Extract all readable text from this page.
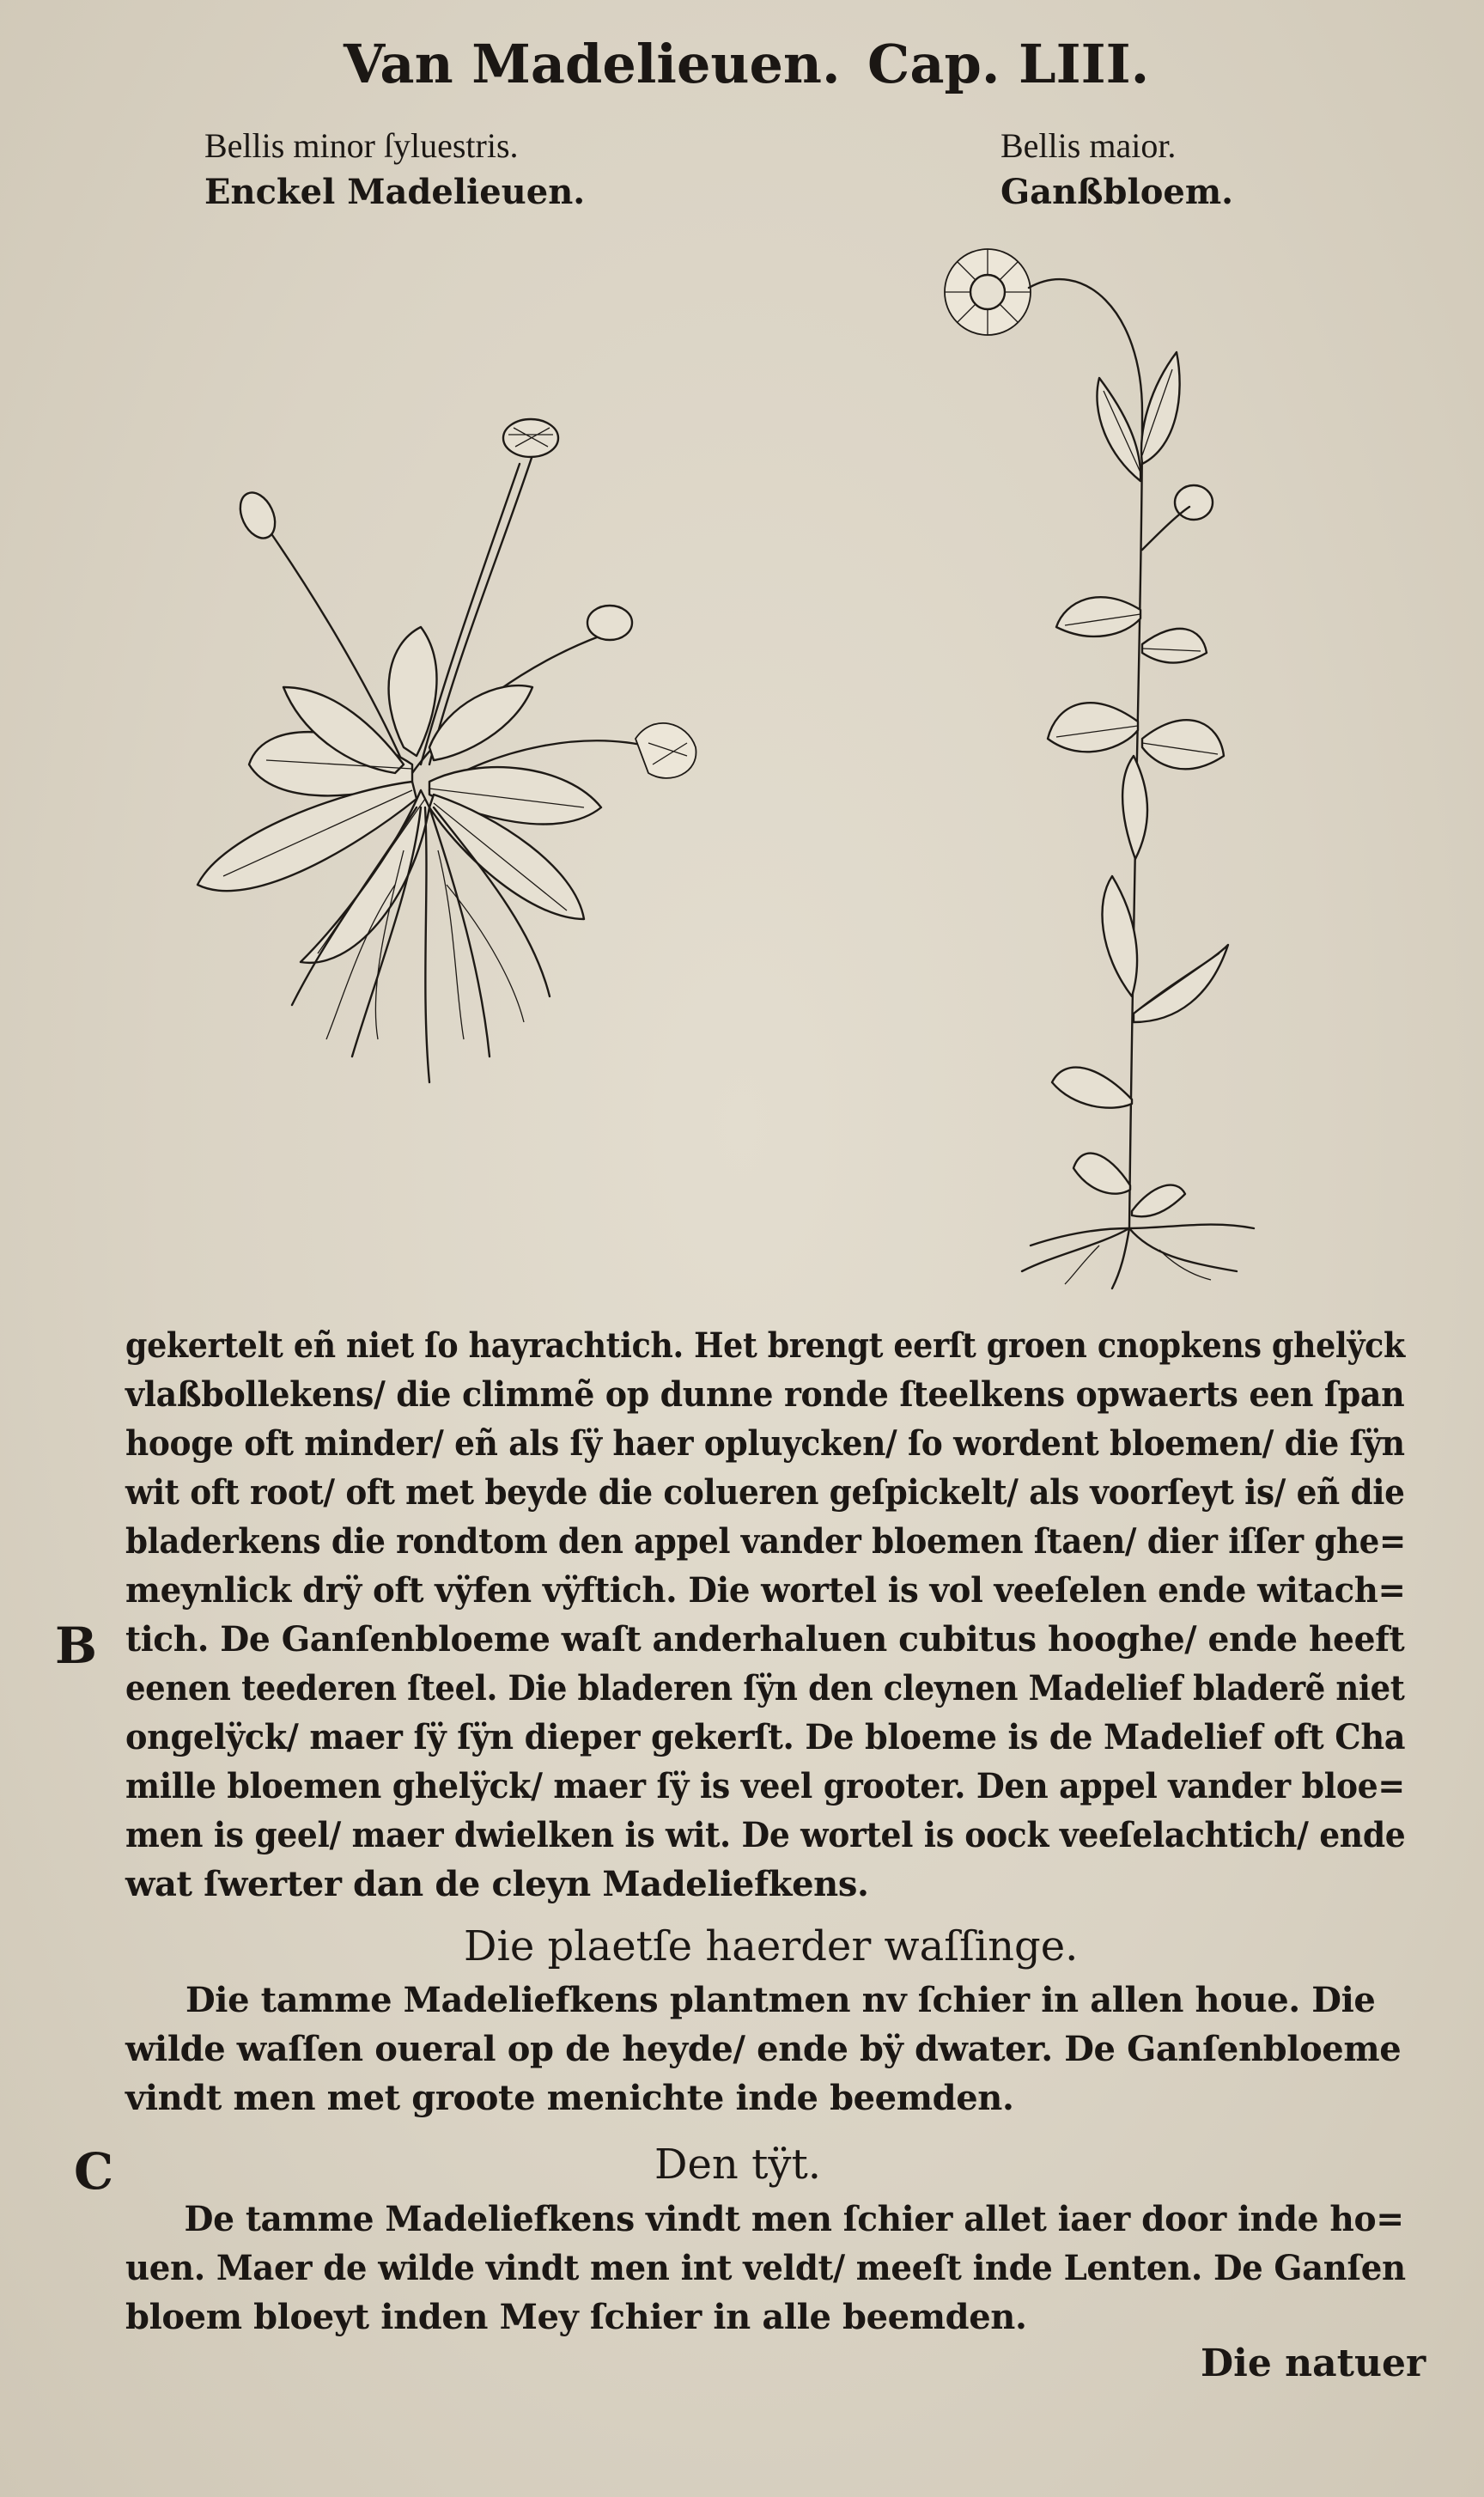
Van Madelieuen. Cap. LIII.
Bellis minor ſyluestris.
Enckel Madelieuen.
Bellis maior.
Ganßbloem.
B
C
gekertelt eñ niet ſo hayrachtich. Het brengt eerſt groen cnopkens ghelÿck
vlaßbollekens/ die climmẽ op dunne ronde ſteelkens opwaerts een ſpan
hooge oft minder/ eñ als ſÿ haer opluycken/ ſo wordent bloemen/ die ſÿn
wit oft root/ oft met beyde die colueren geſpickelt/ als voorſeyt is/ eñ die
bladerkens die rondtom den appel vander bloemen ſtaen/ dier iſſer ghe=
meynlick drÿ oft vÿfen vÿftich. Die wortel is vol veeſelen ende witach=
tich. De Ganſenbloeme waſt anderhaluen cubitus hooghe/ ende heeft
eenen teederen ſteel. Die bladeren ſÿn den cleynen Madelief bladerẽ niet
ongelÿck/ maer ſÿ ſÿn dieper gekerſt. De bloeme is de Madelief oft Cha
mille bloemen ghelÿck/ maer ſÿ is veel grooter. Den appel vander bloe=
men is geel/ maer dwielken is wit. De wortel is oock veeſelachtich/ ende
wat ſwerter dan de cleyn Madeliefkens.
Die plaetſe haerder waſſinge.
Die tamme Madeliefkens plantmen nv ſchier in allen houe. Die
wilde waſſen oueral op de heyde/ ende bÿ dwater. De Ganſenbloeme
vindt men met groote menichte inde beemden.
Den tÿt.
De tamme Madeliefkens vindt men ſchier allet iaer door inde ho=
uen. Maer de wilde vindt men int veldt/ meeſt inde Lenten. De Ganſen
bloem bloeyt inden Mey ſchier in alle beemden.
Die natuer
